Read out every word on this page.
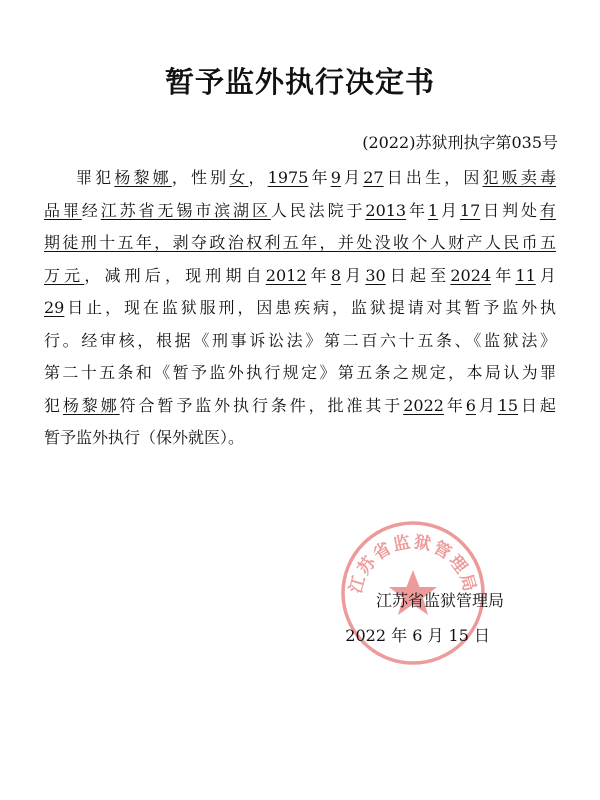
暂予监外执行决定书
(2022)苏狱刑执字第035号
罪犯杨黎娜，性别女，1975年9月27日出生，因犯贩卖毒
品罪经江苏省无锡市滨湖区人民法院于2013年1月17日判处有
期徒刑十五年，剥夺政治权利五年，并处没收个人财产人民币五
万元，减刑后，现刑期自2012年8月30日起至2024年11月
29日止，现在监狱服刑，因患疾病，监狱提请对其暂予监外执
行。经审核，根据《刑事诉讼法》第二百六十五条、《监狱法》
第二十五条和《暂予监外执行规定》第五条之规定，本局认为罪
犯杨黎娜符合暂予监外执行条件，批准其于2022年6月15日起
暂予监外执行（保外就医）。
江苏省监狱管理局
江苏省监狱管理局
2022 年 6 月 15 日
